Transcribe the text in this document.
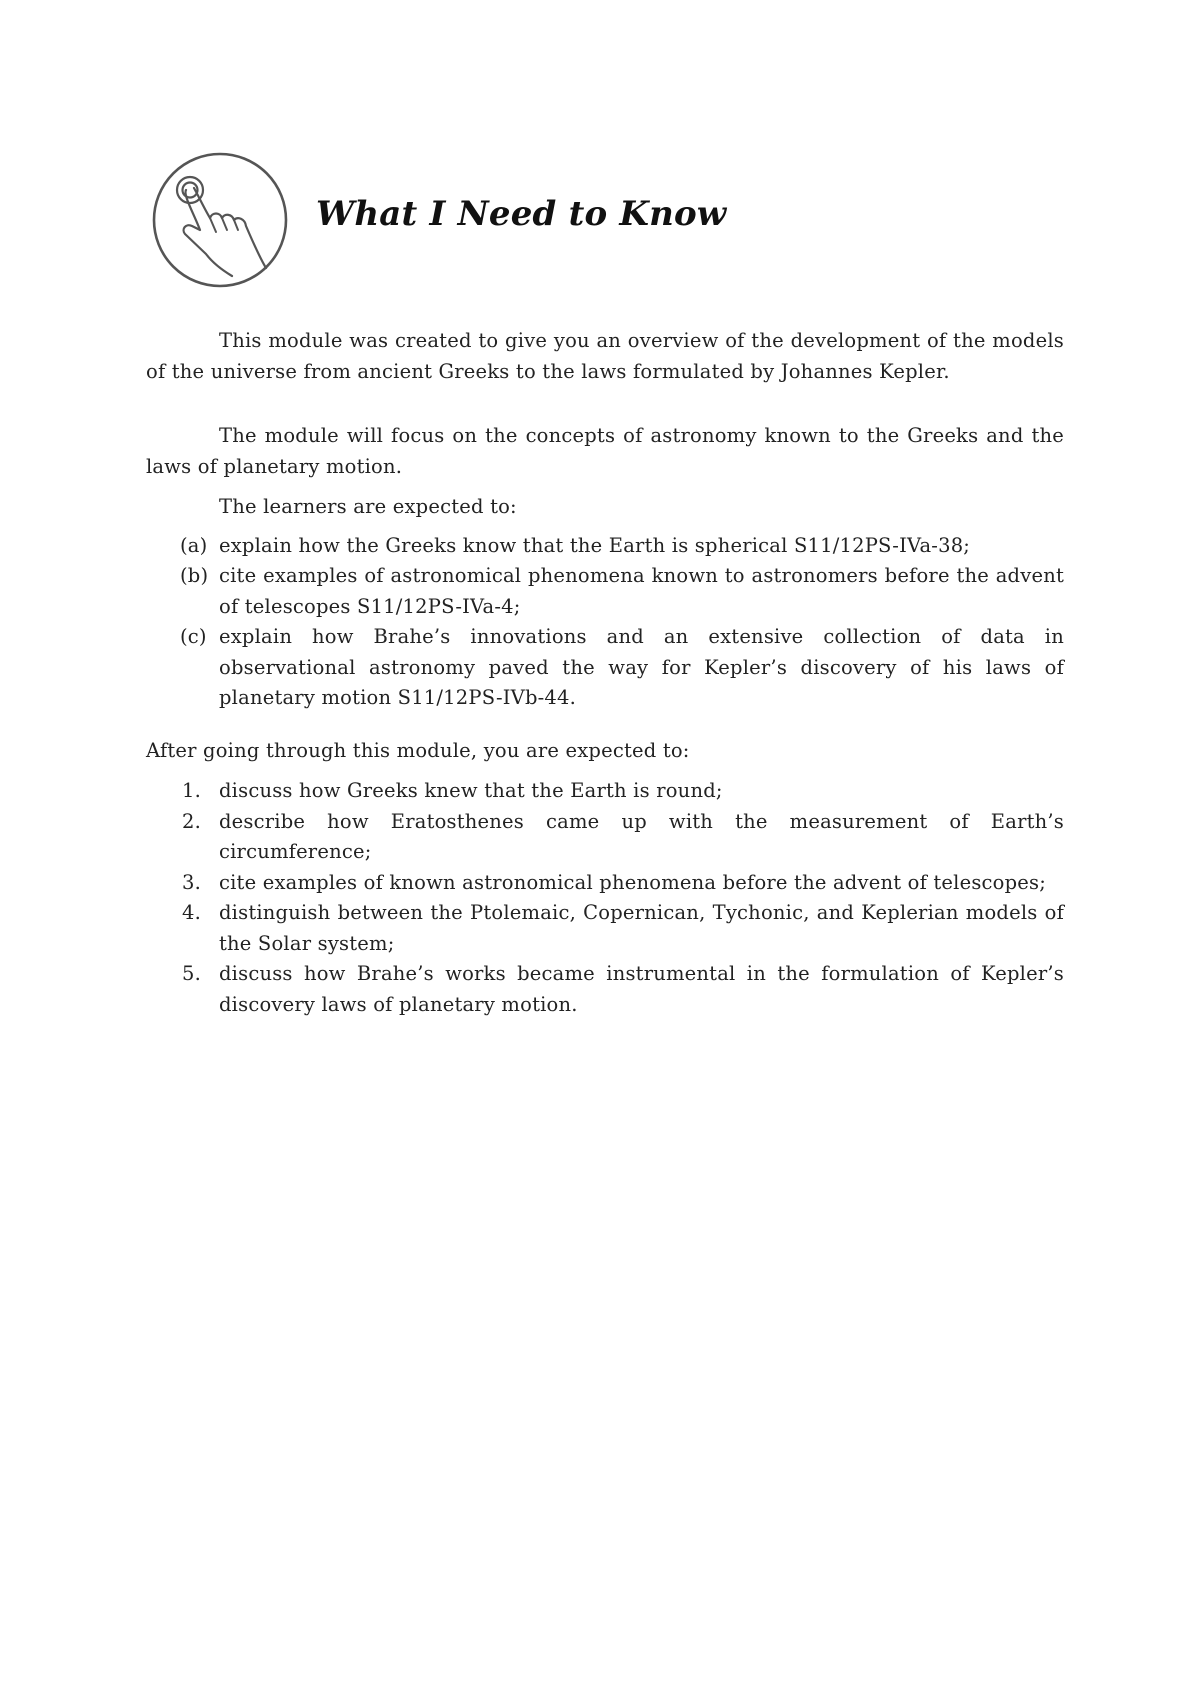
What I Need to Know

This module was created to give you an overview of the development of the models of the universe from ancient Greeks to the laws formulated by Johannes Kepler.

The module will focus on the concepts of astronomy known to the Greeks and the laws of planetary motion.

The learners are expected to:

(a) explain how the Greeks know that the Earth is spherical S11/12PS-IVa-38;
(b) cite examples of astronomical phenomena known to astronomers before the advent of telescopes S11/12PS-IVa-4;
(c) explain how Brahe’s innovations and an extensive collection of data in observational astronomy paved the way for Kepler’s discovery of his laws of planetary motion S11/12PS-IVb-44.

After going through this module, you are expected to:

1. discuss how Greeks knew that the Earth is round;
2. describe how Eratosthenes came up with the measurement of Earth’s circumference;
3. cite examples of known astronomical phenomena before the advent of telescopes;
4. distinguish between the Ptolemaic, Copernican, Tychonic, and Keplerian models of the Solar system;
5. discuss how Brahe’s works became instrumental in the formulation of Kepler’s discovery laws of planetary motion.
